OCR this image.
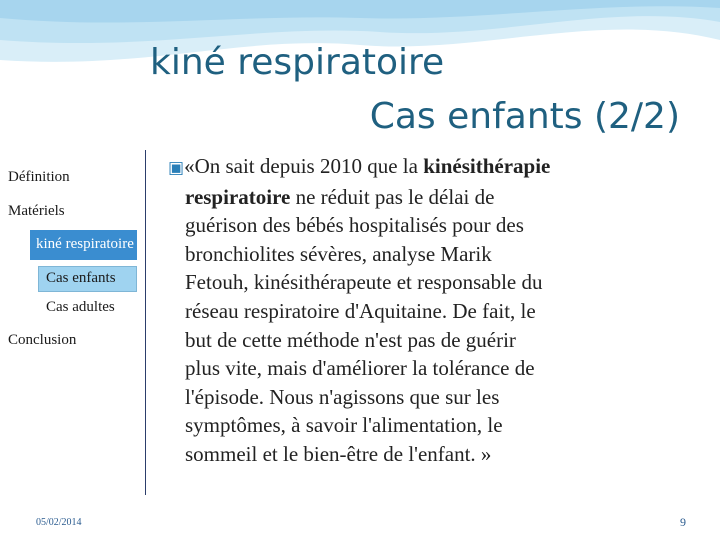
kiné respiratoire
Cas enfants (2/2)
Définition
Matériels
kiné respiratoire
Cas enfants
Cas adultes
Conclusion
▣«On sait depuis 2010 que la kinésithérapie
respiratoire ne réduit pas le délai de
guérison des bébés hospitalisés pour des
bronchiolites sévères, analyse Marik
Fetouh, kinésithérapeute et responsable du
réseau respiratoire d'Aquitaine. De fait, le
but de cette méthode n'est pas de guérir
plus vite, mais d'améliorer la tolérance de
l'épisode. Nous n'agissons que sur les
symptômes, à savoir l'alimentation, le
sommeil et le bien-être de l'enfant. »
05/02/2014	9
